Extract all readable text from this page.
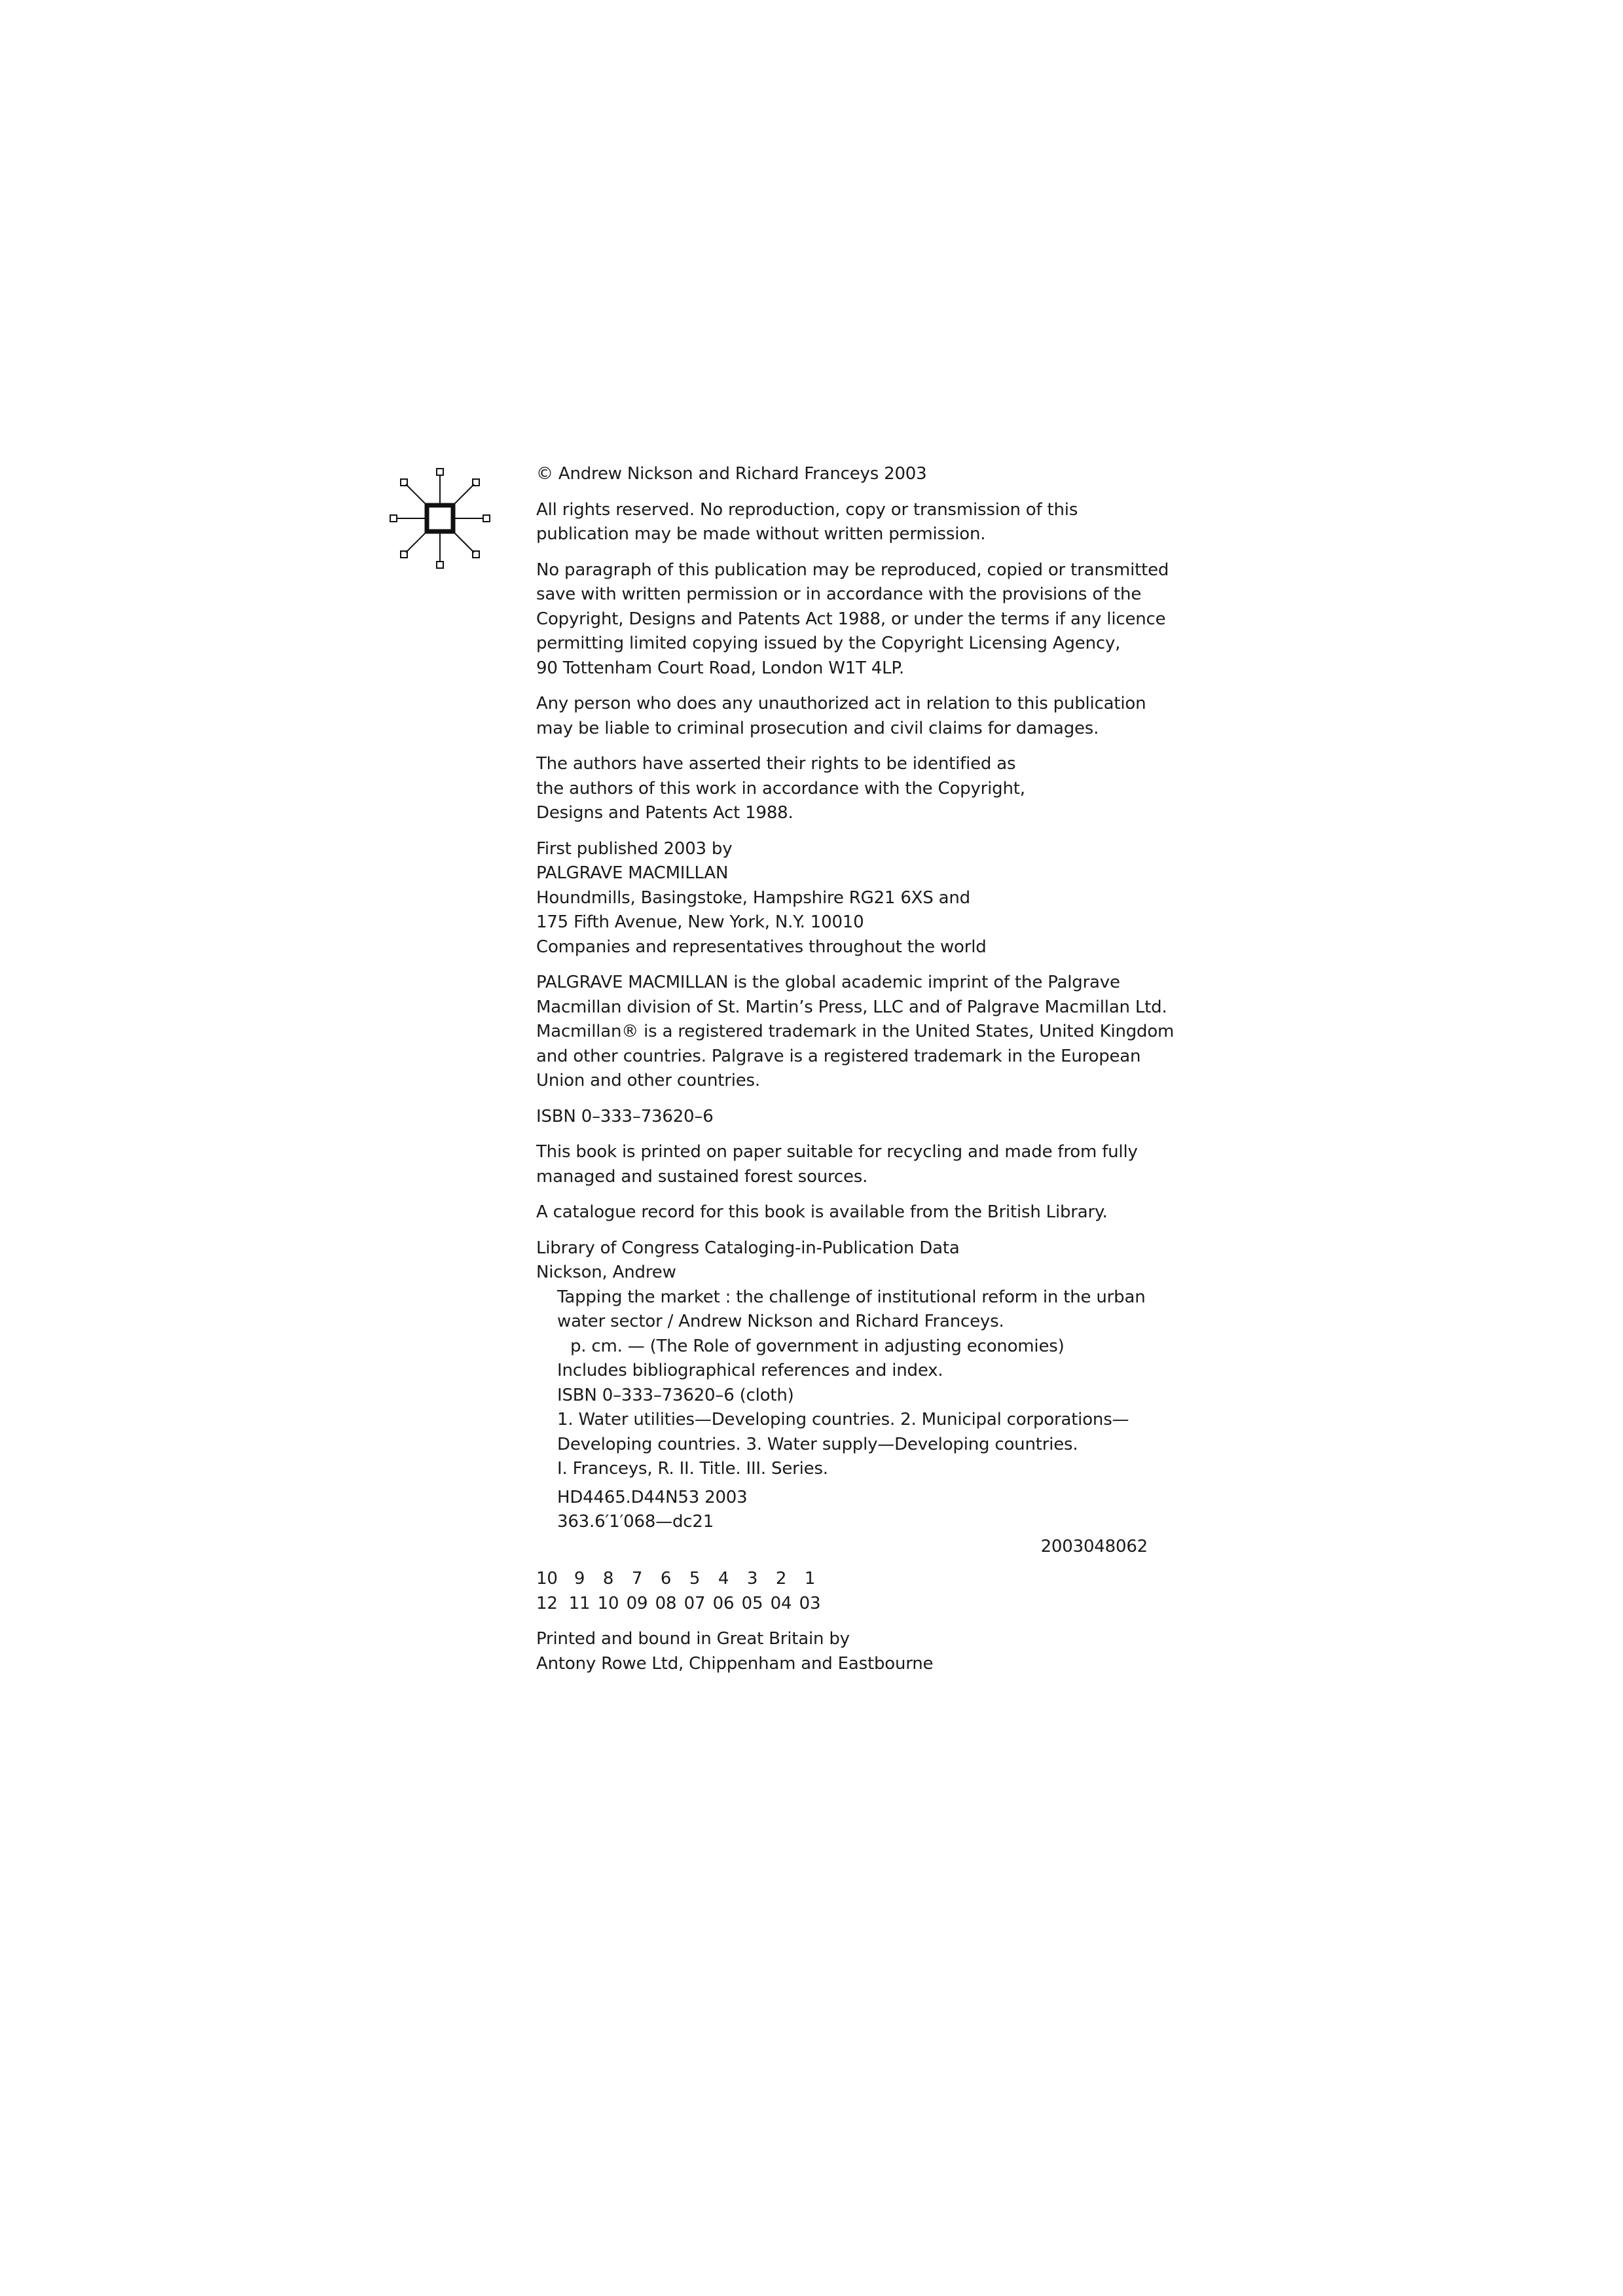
© Andrew Nickson and Richard Franceys 2003

All rights reserved. No reproduction, copy or transmission of this
publication may be made without written permission.

No paragraph of this publication may be reproduced, copied or transmitted
save with written permission or in accordance with the provisions of the
Copyright, Designs and Patents Act 1988, or under the terms if any licence
permitting limited copying issued by the Copyright Licensing Agency,
90 Tottenham Court Road, London W1T 4LP.

Any person who does any unauthorized act in relation to this publication
may be liable to criminal prosecution and civil claims for damages.

The authors have asserted their rights to be identified as
the authors of this work in accordance with the Copyright,
Designs and Patents Act 1988.

First published 2003 by
PALGRAVE MACMILLAN
Houndmills, Basingstoke, Hampshire RG21 6XS and
175 Fifth Avenue, New York, N.Y. 10010
Companies and representatives throughout the world

PALGRAVE MACMILLAN is the global academic imprint of the Palgrave
Macmillan division of St. Martin’s Press, LLC and of Palgrave Macmillan Ltd.
Macmillan® is a registered trademark in the United States, United Kingdom
and other countries. Palgrave is a registered trademark in the European
Union and other countries.

ISBN 0–333–73620–6

This book is printed on paper suitable for recycling and made from fully
managed and sustained forest sources.

A catalogue record for this book is available from the British Library.

Library of Congress Cataloging-in-Publication Data
Nickson, Andrew
Tapping the market : the challenge of institutional reform in the urban
water sector / Andrew Nickson and Richard Franceys.
p. cm. — (The Role of government in adjusting economies)
Includes bibliographical references and index.
ISBN 0–333–73620–6 (cloth)
1. Water utilities—Developing countries. 2. Municipal corporations—
Developing countries. 3. Water supply—Developing countries.
I. Franceys, R. II. Title. III. Series.

HD4465.D44N53 2003
363.6′1′068—dc21
2003048062

10 9	8	7	6	5	4	3	2	1
12 11 10 09 08 07 06 05 04 03

Printed and bound in Great Britain by
Antony Rowe Ltd, Chippenham and Eastbourne
